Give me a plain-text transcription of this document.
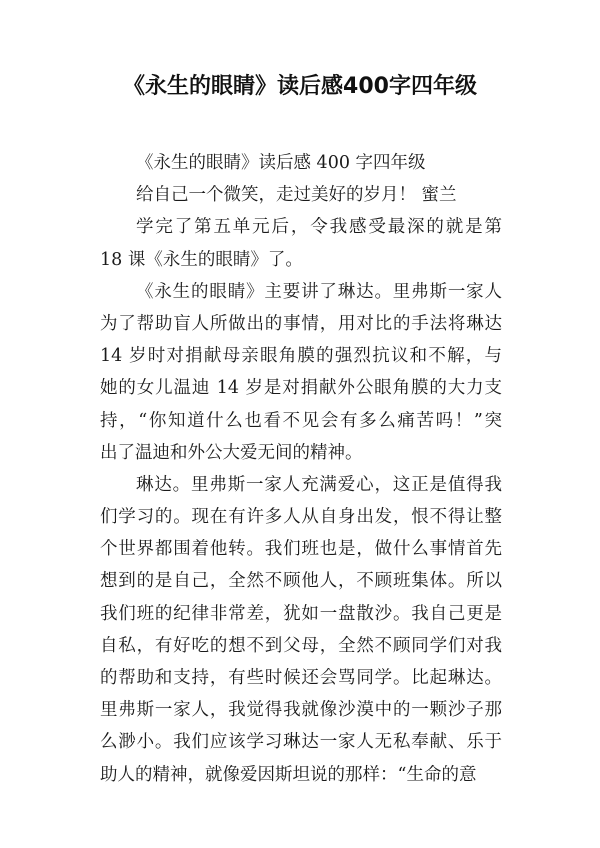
《永生的眼睛》读后感400字四年级
《永生的眼睛》读后感 400 字四年级
给自己一个微笑，走过美好的岁月！ 蜜兰
学完了第五单元后，令我感受最深的就是第
18 课《永生的眼睛》了。
《永生的眼睛》主要讲了琳达。里弗斯一家人
为了帮助盲人所做出的事情，用对比的手法将琳达
14 岁时对捐献母亲眼角膜的强烈抗议和不解，与
她的女儿温迪 14 岁是对捐献外公眼角膜的大力支
持，“你知道什么也看不见会有多么痛苦吗！”突
出了温迪和外公大爱无间的精神。
琳达。里弗斯一家人充满爱心，这正是值得我
们学习的。现在有许多人从自身出发，恨不得让整
个世界都围着他转。我们班也是，做什么事情首先
想到的是自己，全然不顾他人，不顾班集体。所以
我们班的纪律非常差，犹如一盘散沙。我自己更是
自私，有好吃的想不到父母，全然不顾同学们对我
的帮助和支持，有些时候还会骂同学。比起琳达。
里弗斯一家人，我觉得我就像沙漠中的一颗沙子那
么渺小。我们应该学习琳达一家人无私奉献、乐于
助人的精神，就像爱因斯坦说的那样：“生命的意
